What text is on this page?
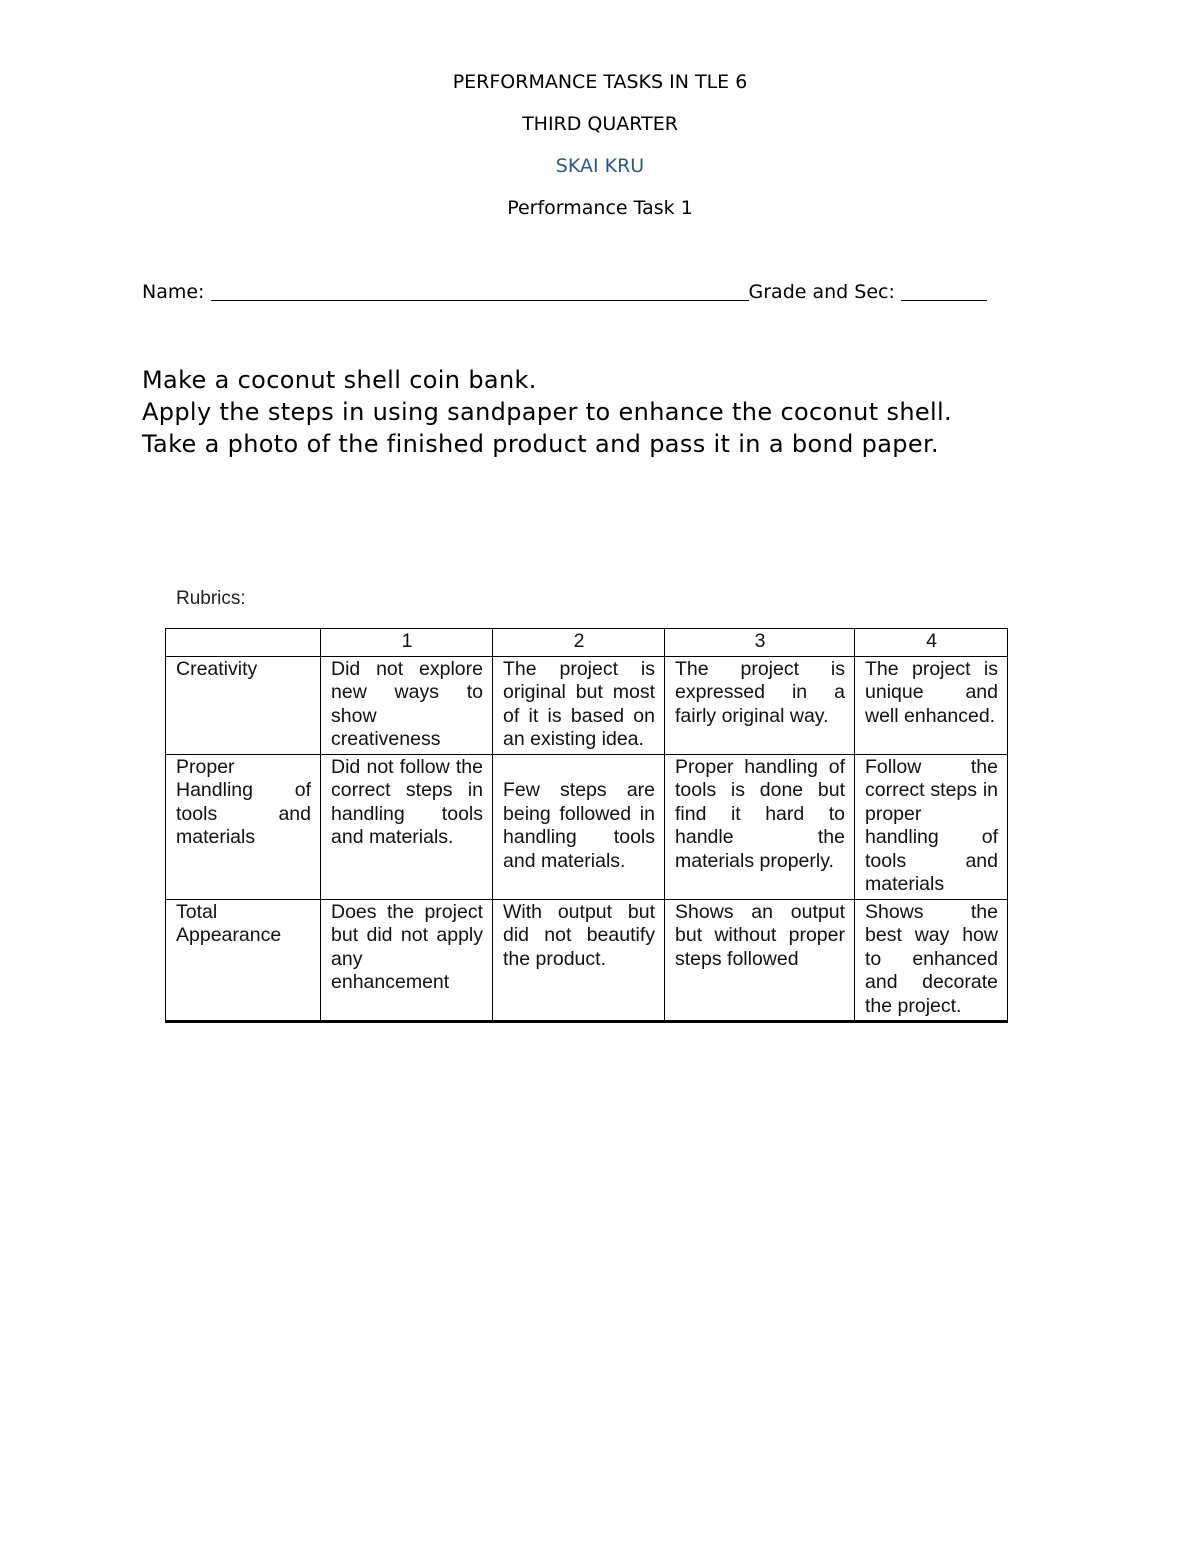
PERFORMANCE TASKS IN TLE 6
THIRD QUARTER
SKAI KRU
Performance Task 1
Name:	Grade and Sec:
Make a coconut shell coin bank.
Apply the steps in using sandpaper to enhance the coconut shell.
Take a photo of the finished product and pass it in a bond paper.
Rubrics:
	1	2	3	4
Creativity	Did not explore new ways to show creativeness	The project is original but most of it is based on an existing idea.	The project is expressed in a fairly original way.	The project is unique and well enhanced.
Proper Handling of tools and materials	Did not follow the correct steps in handling tools and materials.	Few steps are being followed in handling tools and materials.	Proper handling of tools is done but find it hard to handle the materials properly.	Follow the correct steps in proper handling of tools and materials
Total Appearance	Does the project but did not apply any enhancement	With output but did not beautify the product.	Shows an output but without proper steps followed	Shows the best way how to enhanced and decorate the project.
